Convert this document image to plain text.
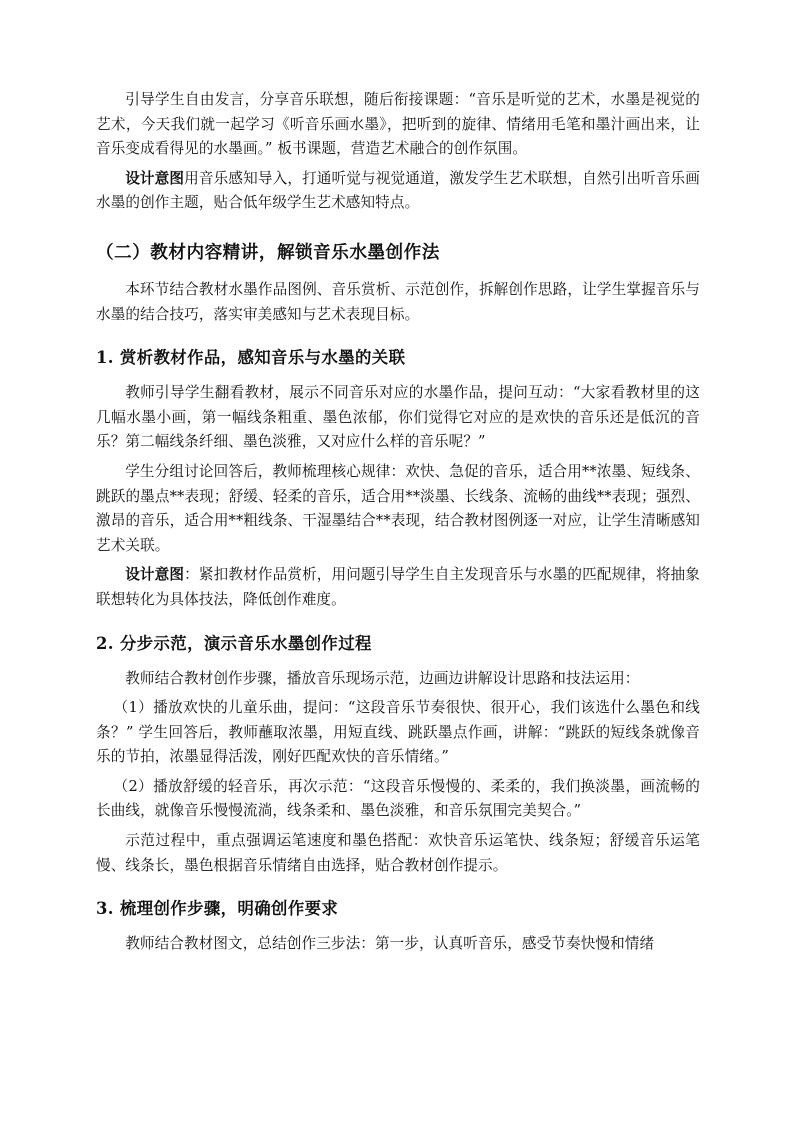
引导学生自由发言，分享音乐联想，随后衔接课题：“音乐是听觉的艺术，水墨是视觉的艺术，今天我们就一起学习《听音乐画水墨》，把听到的旋律、情绪用毛笔和墨汁画出来，让音乐变成看得见的水墨画。” 板书课题，营造艺术融合的创作氛围。

设计意图用音乐感知导入，打通听觉与视觉通道，激发学生艺术联想，自然引出听音乐画水墨的创作主题，贴合低年级学生艺术感知特点。

（二）教材内容精讲，解锁音乐水墨创作法

本环节结合教材水墨作品图例、音乐赏析、示范创作，拆解创作思路，让学生掌握音乐与水墨的结合技巧，落实审美感知与艺术表现目标。

1. 赏析教材作品，感知音乐与水墨的关联

教师引导学生翻看教材，展示不同音乐对应的水墨作品，提问互动：“大家看教材里的这几幅水墨小画，第一幅线条粗重、墨色浓郁，你们觉得它对应的是欢快的音乐还是低沉的音乐？第二幅线条纤细、墨色淡雅，又对应什么样的音乐呢？”

学生分组讨论回答后，教师梳理核心规律：欢快、急促的音乐，适合用**浓墨、短线条、跳跃的墨点**表现；舒缓、轻柔的音乐，适合用**淡墨、长线条、流畅的曲线**表现；强烈、激昂的音乐，适合用**粗线条、干湿墨结合**表现，结合教材图例逐一对应，让学生清晰感知艺术关联。

设计意图：紧扣教材作品赏析，用问题引导学生自主发现音乐与水墨的匹配规律，将抽象联想转化为具体技法，降低创作难度。

2. 分步示范，演示音乐水墨创作过程

教师结合教材创作步骤，播放音乐现场示范，边画边讲解设计思路和技法运用：

（1）播放欢快的儿童乐曲，提问：“这段音乐节奏很快、很开心，我们该选什么墨色和线条？” 学生回答后，教师蘸取浓墨，用短直线、跳跃墨点作画，讲解：“跳跃的短线条就像音乐的节拍，浓墨显得活泼，刚好匹配欢快的音乐情绪。”

（2）播放舒缓的轻音乐，再次示范：“这段音乐慢慢的、柔柔的，我们换淡墨，画流畅的长曲线，就像音乐慢慢流淌，线条柔和、墨色淡雅，和音乐氛围完美契合。”

示范过程中，重点强调运笔速度和墨色搭配：欢快音乐运笔快、线条短；舒缓音乐运笔慢、线条长，墨色根据音乐情绪自由选择，贴合教材创作提示。

3. 梳理创作步骤，明确创作要求

教师结合教材图文，总结创作三步法：第一步，认真听音乐，感受节奏快慢和情绪
